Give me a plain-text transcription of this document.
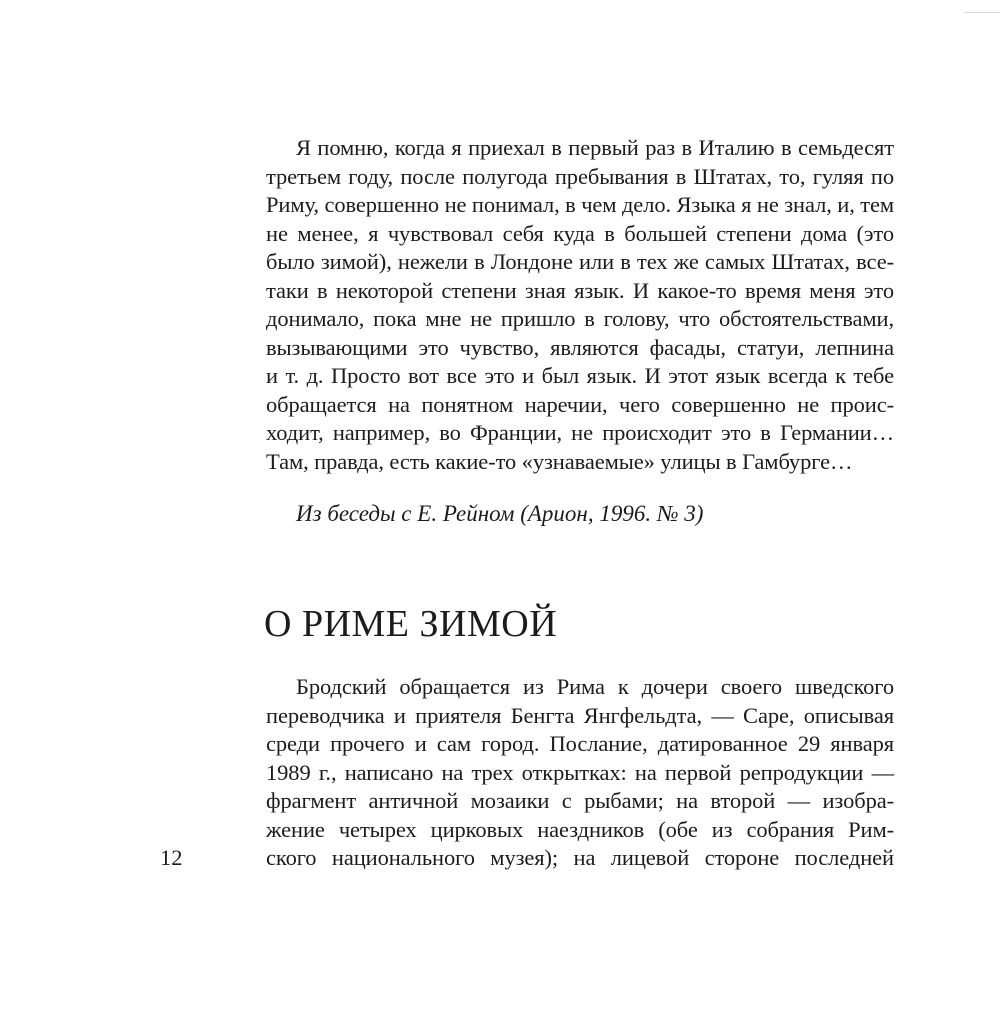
Я помню, когда я приехал в первый раз в Италию в семьдесят
третьем году, после полугода пребывания в Штатах, то, гуляя по
Риму, совершенно не понимал, в чем дело. Языка я не знал, и, тем
не менее, я чувствовал себя куда в большей степени дома (это
было зимой), нежели в Лондоне или в тех же самых Штатах, все-
таки в некоторой степени зная язык. И какое-то время меня это
донимало, пока мне не пришло в голову, что обстоятельствами,
вызывающими это чувство, являются фасады, статуи, лепнина
и т. д. Просто вот все это и был язык. И этот язык всегда к тебе
обращается на понятном наречии, чего совершенно не проис-
ходит, например, во Франции, не происходит это в Германии…
Там, правда, есть какие-то «узнаваемые» улицы в Гамбурге…
Из беседы с Е. Рейном (Арион, 1996. № 3)
О РИМЕ ЗИМОЙ
Бродский обращается из Рима к дочери своего шведского
переводчика и приятеля Бенгта Янгфельдта, — Саре, описывая
среди прочего и сам город. Послание, датированное 29 января
1989 г., написано на трех открытках: на первой репродукции —
фрагмент античной мозаики с рыбами; на второй — изобра-
жение четырех цирковых наездников (обе из собрания Рим-
ского национального музея); на лицевой стороне последней
12
